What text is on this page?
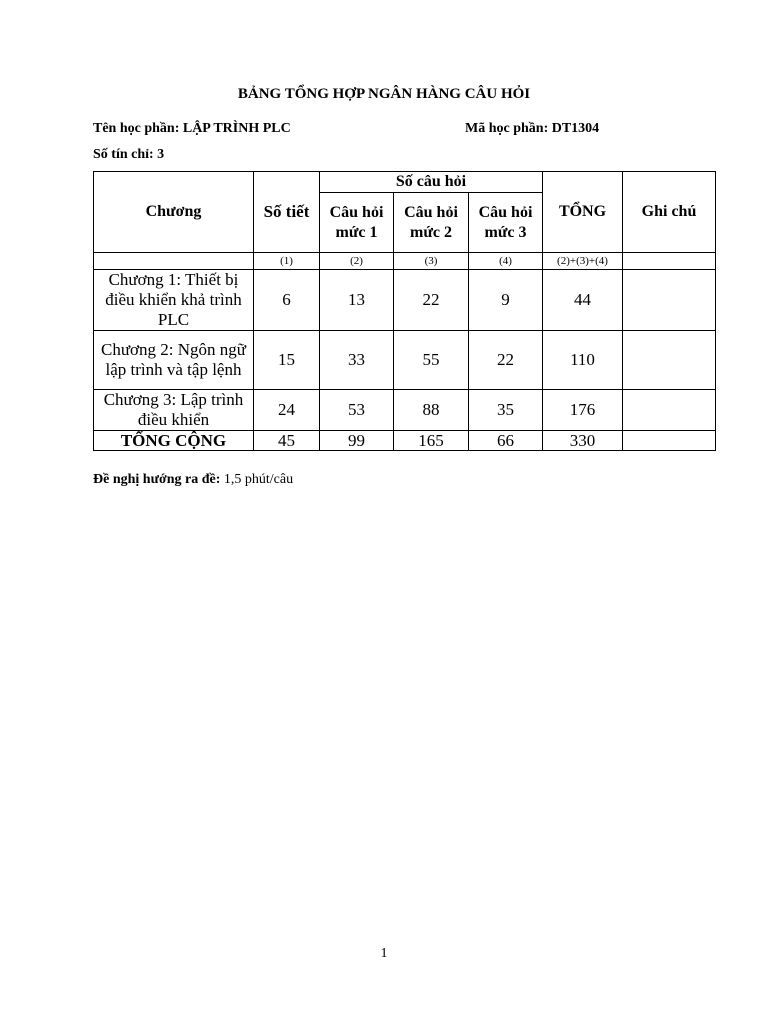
BẢNG TỔNG HỢP NGÂN HÀNG CÂU HỎI
Tên học phần: LẬP TRÌNH PLC	Mã học phần: DT1304
Số tín chỉ: 3
Chương	Số tiết	Số câu hỏi			TỔNG	Ghi chú
		Câu hỏi mức 1	Câu hỏi mức 2	Câu hỏi mức 3		
	(1)	(2)	(3)	(4)	(2)+(3)+(4)	
Chương 1: Thiết bị điều khiển khả trình PLC	6	13	22	9	44	
Chương 2: Ngôn ngữ lập trình và tập lệnh	15	33	55	22	110	
Chương 3: Lập trình điều khiển	24	53	88	35	176	
TỔNG CỘNG	45	99	165	66	330	
Đề nghị hướng ra đề: 1,5 phút/câu
1
